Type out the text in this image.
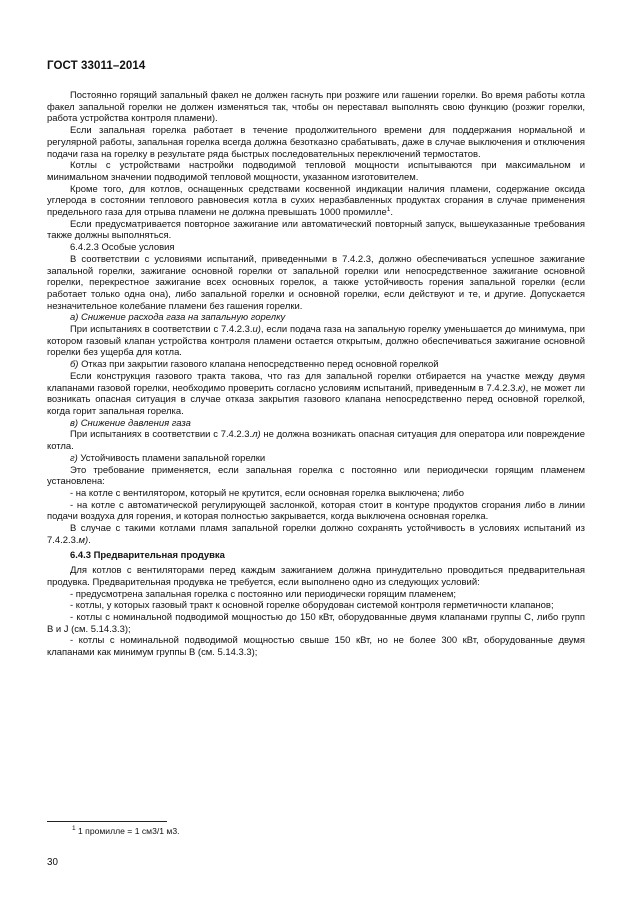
ГОСТ 33011–2014

Постоянно горящий запальный факел не должен гаснуть при розжиге или гашении горелки. Во время работы котла факел запальной горелки не должен изменяться так, чтобы он переставал выполнять свою функцию (розжиг горелки, работа устройства контроля пламени).

Если запальная горелка работает в течение продолжительного времени для поддержания нормальной и регулярной работы, запальная горелка всегда должна безотказно срабатывать, даже в случае выключения и отключения подачи газа на горелку в результате ряда быстрых последовательных переключений термостатов.

Котлы с устройствами настройки подводимой тепловой мощности испытываются при максимальном и минимальном значении подводимой тепловой мощности, указанном изготовителем.

Кроме того, для котлов, оснащенных средствами косвенной индикации наличия пламени, содержание оксида углерода в состоянии теплового равновесия котла в сухих неразбавленных продуктах сгорания в случае применения предельного газа для отрыва пламени не должна превышать 1000 промилле$^1$.

Если предусматривается повторное зажигание или автоматический повторный запуск, вышеуказанные требования также должны выполняться.

6.4.2.3 Особые условия

В соответствии с условиями испытаний, приведенными в 7.4.2.3, должно обеспечиваться успешное зажигание запальной горелки, зажигание основной горелки от запальной горелки или непосредственное зажигание основной горелки, перекрестное зажигание всех основных горелок, а также устойчивость горения запальной горелки (если работает только одна она), либо запальной горелки и основной горелки, если действуют и те, и другие. Допускается незначительное колебание пламени без гашения горелки.

а) Снижение расхода газа на запальную горелку

При испытаниях в соответствии с 7.4.2.3.и), если подача газа на запальную горелку уменьшается до минимума, при котором газовый клапан устройства контроля пламени остается открытым, должно обеспечиваться зажигание основной горелки без ущерба для котла.

б) Отказ при закрытии газового клапана непосредственно перед основной горелкой

Если конструкция газового тракта такова, что газ для запальной горелки отбирается на участке между двумя клапанами газовой горелки, необходимо проверить согласно условиям испытаний, приведенным в 7.4.2.3.к), не может ли возникать опасная ситуация в случае отказа закрытия газового клапана непосредственно перед основной горелкой, когда горит запальная горелка.

в) Снижение давления газа

При испытаниях в соответствии с 7.4.2.3.л) не должна возникать опасная ситуация для оператора или повреждение котла.

г) Устойчивость пламени запальной горелки

Это требование применяется, если запальная горелка с постоянно или периодически горящим пламенем установлена:

- на котле с вентилятором, который не крутится, если основная горелка выключена; либо

- на котле с автоматической регулирующей заслонкой, которая стоит в контуре продуктов сгорания либо в линии подачи воздуха для горения, и которая полностью закрывается, когда выключена основная горелка.

В случае с такими котлами пламя запальной горелки должно сохранять устойчивость в условиях испытаний из 7.4.2.3.м).

6.4.3 Предварительная продувка

Для котлов с вентиляторами перед каждым зажиганием должна принудительно проводиться предварительная продувка. Предварительная продувка не требуется, если выполнено одно из следующих условий:

- предусмотрена запальная горелка с постоянно или периодически горящим пламенем;

- котлы, у которых газовый тракт к основной горелке оборудован системой контроля герметичности клапанов;

- котлы с номинальной подводимой мощностью до 150 кВт, оборудованные двумя клапанами группы С, либо групп В и J (см. 5.14.3.3);

- котлы с номинальной подводимой мощностью свыше 150 кВт, но не более 300 кВт, оборудованные двумя клапанами как минимум группы В (см. 5.14.3.3);

$^1$ 1 промилле = 1 см3/1 м3.
30
